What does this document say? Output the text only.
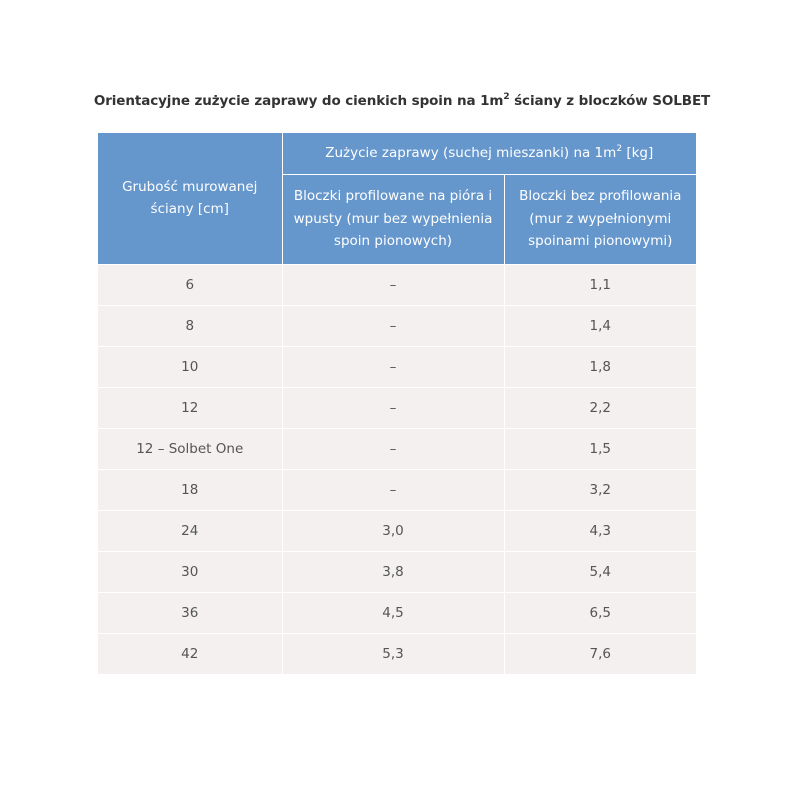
Orientacyjne zużycie zaprawy do cienkich spoin na $1m^2$ ściany z bloczków SOLBET
Grubość murowanej ściany [cm]	Zużycie zaprawy (suchej mieszanki) na $1m^2$ [kg]	
	Bloczki profilowane na pióra i wpusty (mur bez wypełnienia spoin pionowych)	Bloczki bez profilowania (mur z wypełnionymi spoinami pionowymi)
6	–	1,1
8	–	1,4
10	–	1,8
12	–	2,2
12 – Solbet One	–	1,5
18	–	3,2
24	3,0	4,3
30	3,8	5,4
36	4,5	6,5
42	5,3	7,6
